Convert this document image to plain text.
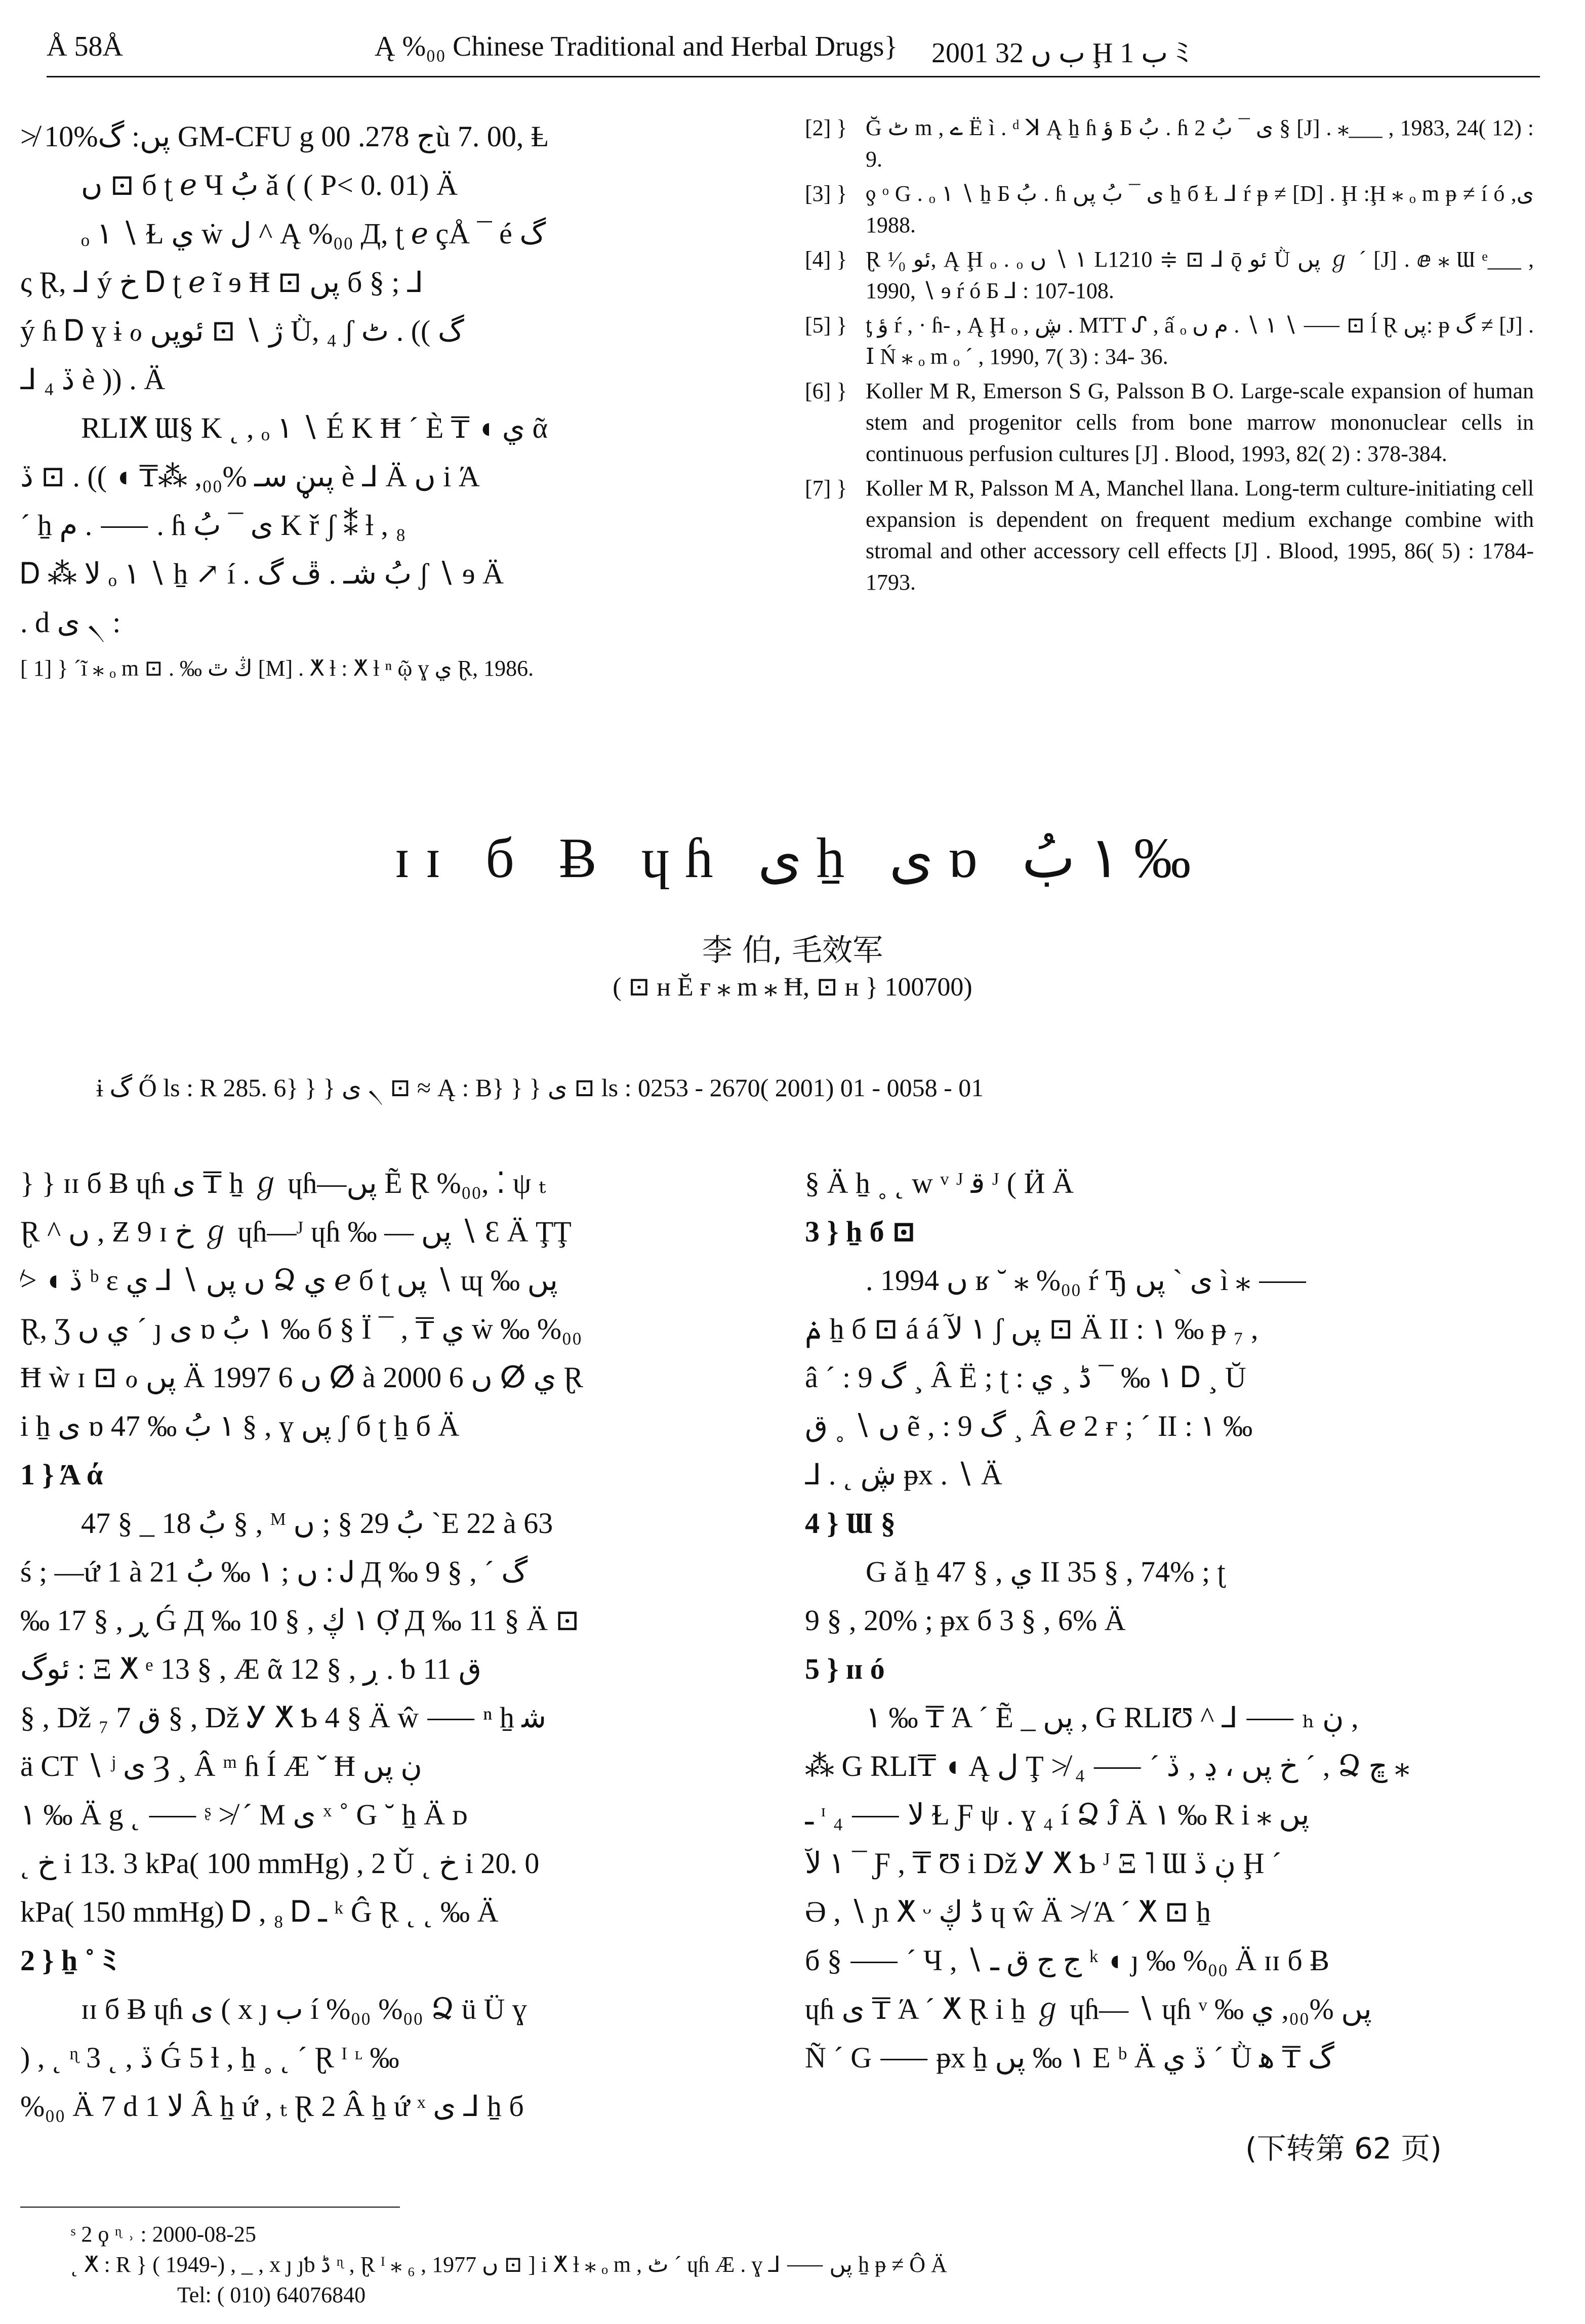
Å 58Å	Ą %₀₀ Chinese Traditional and Herbal Drugs} 2001 ب ں 32 Ḩ ب 1 ﾐ

≯ 10%پں: گ GM-CFU g ج 278. 00ù 7. 00, Ⱡ

ں ⊡ б ʈ ℯ Ч بُ ǎ ( ( P< 0. 01) Ä

ₒ ١ ∖ Ɫ ي ẇ ﻝ ^ Ą %₀₀ Д, ʈ ℯ çÅ ¯ é گ

ς Ɽ, ⅃ ý خ Ꭰ ʈ ℯ ĩ ɘ Ħ ⊡ پں б § ; ⅃

ý ɦ Ꭰ ɣ ɨ ℴ ژ ∖ ⊡ ئوپں Ǜ, ₄ ʃ گ )) . ٹ

⅃ ₄ ڏ è )) . Ä

RLIⵅ Ɯ§ K ˛ , ₒ ١ ∖ É K Ħ ´ È ₸ ◖ ي ᾶ

پںڼ سـ %₀₀, ⁂₸ ◖ )) . ⊡ ڏ è ⅃ Ä ں i Ά

´ ẖ م . ⸺ . ɦ ى ¯ بُ K ř ʃ ⁑ ƚ , ₈

Ꭰ ⁂ ﻻ ₒ ١ ∖ ẖ ↗ í . بُ شـ . ڦ گ ʃ ∖ ɘ Ä

. d ى ৲ :

[ 1] } ´ ĩ ⁎ ₒ m ⊡ . ‰ ڭ ٿ [M] . ⵅ ƚ : ⵅ ƚ ⁿ ῷ ɣ ي Ɽ, 1986.
[2] } Ğ ٹ m , ے Ë ì . ᵈ ꓘ Ą ẖ ɦ ؤ Б بُ . ɦ ى ¯ بُ 2 § [J] . ⁎___ , 1983, 24( 12) : 9.
[3] } ƍ ᵒ G . ₒ ١ ∖ ẖ Б بُ . ɦ ى ¯ بُ پں ẖ б Ɫ ⅃ ŕ ᵽ ≠ [D] . Ḩ :Ḩ ⁎ ₒ m ᵽ ≠ í ó ى, 1988.
[4] } Ɽ ئو ¹⁄₀, Ą Ḩ ₒ . ₒ ١ ∖ ں L1210 ≑ ⊡ ⅃ ǭ ئو Ǜ پں ℊ ´ [J] . ⅇ ⁎ Ɯ ᵉ___ , 1990, ∖ ɘ ŕ ó Б ⅃ : 107-108.
[5] } ƫ ؤ ŕ , · ɦ- , Ą Ḩ ₒ , ڜ . MTT ᔑ , ấ ₒ ١ ∖ . م ں ∖ ⸺ ⊡ ĺ Ɽ پں: ᵽ گ ≠ [J] . Ⅰ Ń ⁎ ₒ m ₒ ´ , 1990, 7( 3) : 34- 36.
[6] } Koller M R, Emerson S G, Palsson B O. Large-scale expansion of human stem and progenitor cells from bone marrow mononuclear cells in continuous perfusion cultures [J] . Blood, 1993, 82( 2) : 378-384.
[7] } Koller M R, Palsson M A, Manchel llana. Long-term culture-initiating cell expansion is dependent on frequent medium exchange combine with stromal and other accessory cell effects [J] . Blood, 1995, 86( 5) : 1784-1793.
ɪɪ б Ƀ ɥɦ ى ẖ ى ɒ ١ بُ ‰
李 伯, 毛效军
( ⊡ ʜ Ĕ ғ ⁎ m ⁎ Ħ, ⊡ ʜ } 100700)
ɨ گ Ő ls : R 285. 6} } } ى ৲ ⊡ ≈ Ą : B} } } ى ⊡ ls : 0253 - 2670( 2001) 01 - 0058 - 01

} } ɪɪ б Ƀ ɥɦ ى ₸ ẖ ℊ ɥɦ—پں Ẽ Ɽ %₀₀, ⁚ ψ ₜ

Ɽ ^ ں , Ƶ 9 ɪ خ ℊ ɥɦ—ᴶ ɥɦ ‰ — پں ∖ Ɛ Ä ŢŢ

≯ ◖ ڏ ᵇ ε ں پں ∖ ⅃ ي Ձ ي ℯ б ʈ پں ∖ ɰ ‰ پں

Ɽ, Ʒ ي ں ´ ȷ ى ɒ ١ بُ ‰ б § Ï ¯ , ₸ ي ẇ ‰ %₀₀

Ħ ẁ ɪ ⊡ ℴ پں Ä 1997 ں 6 ⵁ à 2000 ں 6 ⵁ ي Ɽ

i ẖ ى ɒ ١ بُ ‰ 47 § , ɣ پں ʃ б ʈ ẖ б Ä

1 } Ά ά

47 § _ بُ 18 § , ᴹ بُ 29 § ; ں ˋE 22 à 63

ś ; —ứ 1 à 21 ں ; ١ ‰ بُ : Ꭻ Д ‰ 9 § , ´ گ

‰ 17 § , ڕ Ǵ Д ‰ 10 § , ١ ڮ Ợ Д ‰ 11 § Ä ⊡

ئوگ : Ξ ⵅ ᵉ 13 § , Æ ᾶ 12 § , ڔ . ƅ ق 11

§ , Dž ₇ ق 7 § , Dž Ꭹ ⵅ Ƅ 4 § Ä ŵ ⸺ ⁿ ẖ ﺷ

ä CT ∖ ʲ ى Ȝ ¸ Â ᵐ ɦ Í Æ ˇ Ħ ڹ پں

١ ‰ Ä g ˛ ⸺ ᶳ ≯ ´ M ى ˣ ˚ G ˘ ẖ Ä ᴅ

˛ خ i 13. 3 kPa( 100 mmHg) , 2 Ǔ ˛ خ i 20. 0

kPa( 150 mmHg) Ꭰ , ₈ Ꭰ ـ ᵏ Ĝ Ɽ ˛ ˛ ‰ Ä

2 } ẖ ˚ ﾐ

ɪɪ б Ƀ ɥɦ ى ( x ȷ ب í %₀₀ %₀₀ Ձ ü Ü ɣ

) , ˛ ᶯ 3 ˛ , ڏ Ǵ 5 ƚ , ẖ ˳ ˛ ´ Ɽ ᴵ ᶫ ‰

%₀₀ Ä 7 d ﻻ 1 Â ẖ ứ , ₜ Ɽ 2 Â ẖ ứ ˣ ى ⅃ ẖ б

§ Ä ẖ ˳ ˛ w ᵛ ᴶ ﻗ ᴶ ( Ӥ Ä

3 } ẖ б ⊡

. 1994 ں ʁ ˘ ⁎ %₀₀ ŕ Ђ ى ` پں ì ⁎ ⸺

ݥ ẖ б ⊡ á á ١ ﻵ ʃ پں ⊡ Ä II : ١ ‰ ᵽ ₇ ,

â ´ : 9 گ ¸ Â Ë ; ʈ : ١ ‰ ¯ ڈ ¸ ي Ꭰ ¸ Ŭ

ں ∖ ˳ ق ẽ , : 9 گ ¸ Â ℯ 2 ғ ; ´ II : ١ ‰

⅃ . ˛ ڜ ᵽх . ∖ Ä

4 } Ɯ §

G ǎ ẖ 47 § , ي II 35 § , 74% ; ʈ

9 § , 20% ; ᵽх б 3 § , 6% Ä

5 } ɪɪ ó

١ ‰ ₸ Ά ´ Ẽ _ پں , G RLIƱ ^ ⅃ ⸺ ₕ ڹ ,

⁂ G RLI₸ ◖ Ą ﻝ Ţ ≯ خ پں ، ڍ ‚ ڏ ´ ⸺ ₄ ´ , Ձ ڇ ⁎

ـ ᶦ ﻻ ⸺ ₄ Ɫ Ƒ ψ . ɣ ₄ í Ձ Ĵ Ä ١ ‰ R i ⁎ پں

١ ﻵ ¯ Ƒ , ₸ Ʊ i Dž Ꭹ ⵅ Ƅ ᴶ Ξ ˥ Ɯ ڹ ڏ Ḩ ´

Ə , ∖ ɲ ⵅ ᵕ ڈ ڮ ɥ ŵ Ä ≯ Ά ´ ⵅ ⊡ ẖ

б § ⸺ ´ Ч , ∖ ج ج ق ـ ᵏ ◖ ȷ ‰ %₀₀ Ä ɪɪ б Ƀ

ɥɦ ى ₸ Ά ´ ⵅ Ɽ i ẖ ℊ ɥɦ— ∖ ɥɦ ᵛ ‰ پں %₀₀, ي

Ñ ´ G ⸺ ᵽх ẖ ١ ‰ پں E ᵇ Ä ڏ ي ´ Ǜ گ ₸ ﻫ

(下转第 62 页)
ˢ 2 ϙ ᶯ ˒ : 2000-08-25
˛ ⵅ : R } ( 1949-) , _ , x ȷ ȷƅ ڈ ᶯ , Ɽ ᴵ ⁎ ₆ , 1977 ں ⊡ ] i ⵅ ƚ ⁎ ₒ m , ٹ ´ ɥɦ Æ . ɣ ⅃ ⸺ پں ẖ ᵽ ≠ Ô Ä
Tel: ( 010) 64076840
